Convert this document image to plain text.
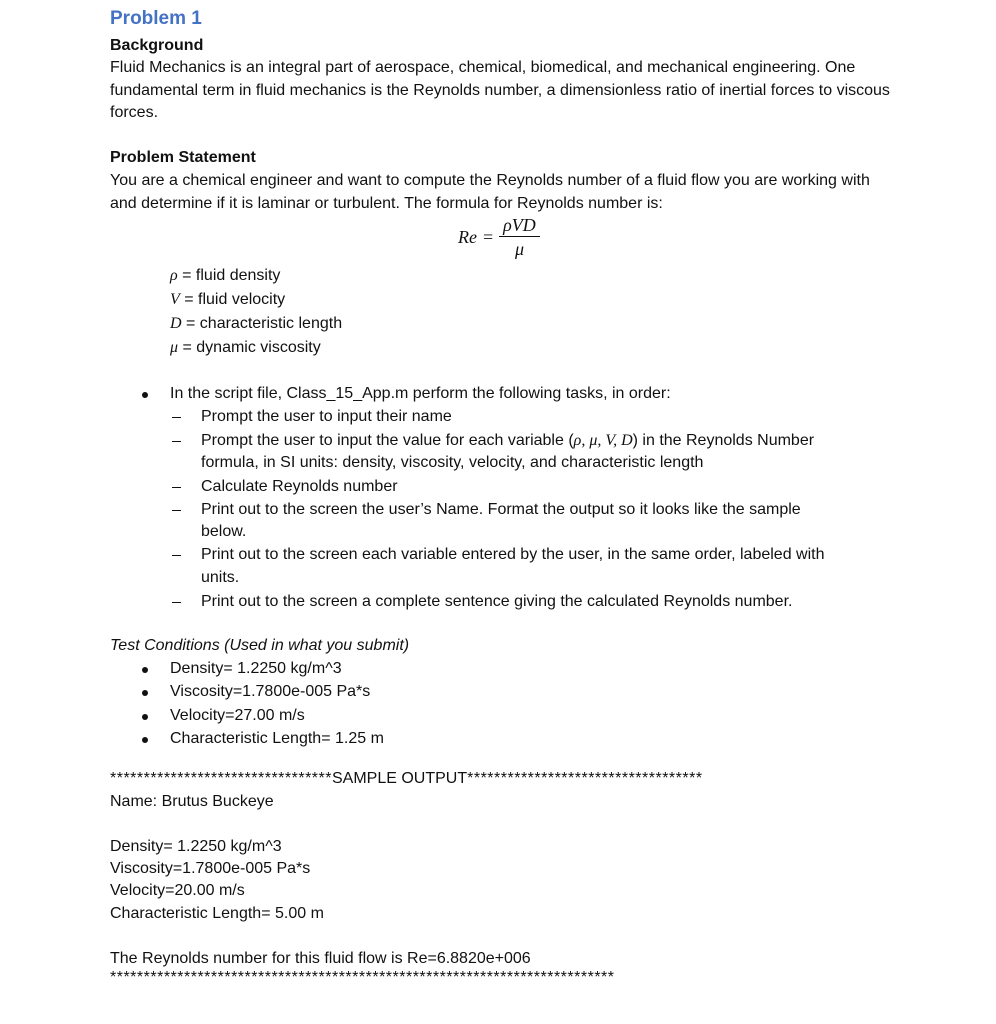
Problem 1
Background
Fluid Mechanics is an integral part of aerospace, chemical, biomedical, and mechanical engineering. One fundamental term in fluid mechanics is the Reynolds number, a dimensionless ratio of inertial forces to viscous forces.
Problem Statement
You are a chemical engineer and want to compute the Reynolds number of a fluid flow you are working with and determine if it is laminar or turbulent. The formula for Reynolds number is:
$Re = \frac{\text{ρVD}}{\mu}$
ρ = fluid density
V = fluid velocity
D = characteristic length
μ = dynamic viscosity
In the script file, Class_15_App.m perform the following tasks, in order:
Prompt the user to input their name
Prompt the user to input the value for each variable (ρ, μ, V, D) in the Reynolds Number
formula, in SI units: density, viscosity, velocity, and characteristic length
Calculate Reynolds number
Print out to the screen the user’s Name. Format the output so it looks like the sample
below.
Print out to the screen each variable entered by the user, in the same order, labeled with
units.
Print out to the screen a complete sentence giving the calculated Reynolds number.
Test Conditions (Used in what you submit)
Density= 1.2250 kg/m^3
Viscosity=1.7800e-005 Pa*s
Velocity=27.00 m/s
Characteristic Length= 1.25 m
*********************************SAMPLE OUTPUT***********************************
Name: Brutus Buckeye
Density= 1.2250 kg/m^3
Viscosity=1.7800e-005 Pa*s
Velocity=20.00 m/s
Characteristic Length= 5.00 m
The Reynolds number for this fluid flow is Re=6.8820e+006
***************************************************************************
